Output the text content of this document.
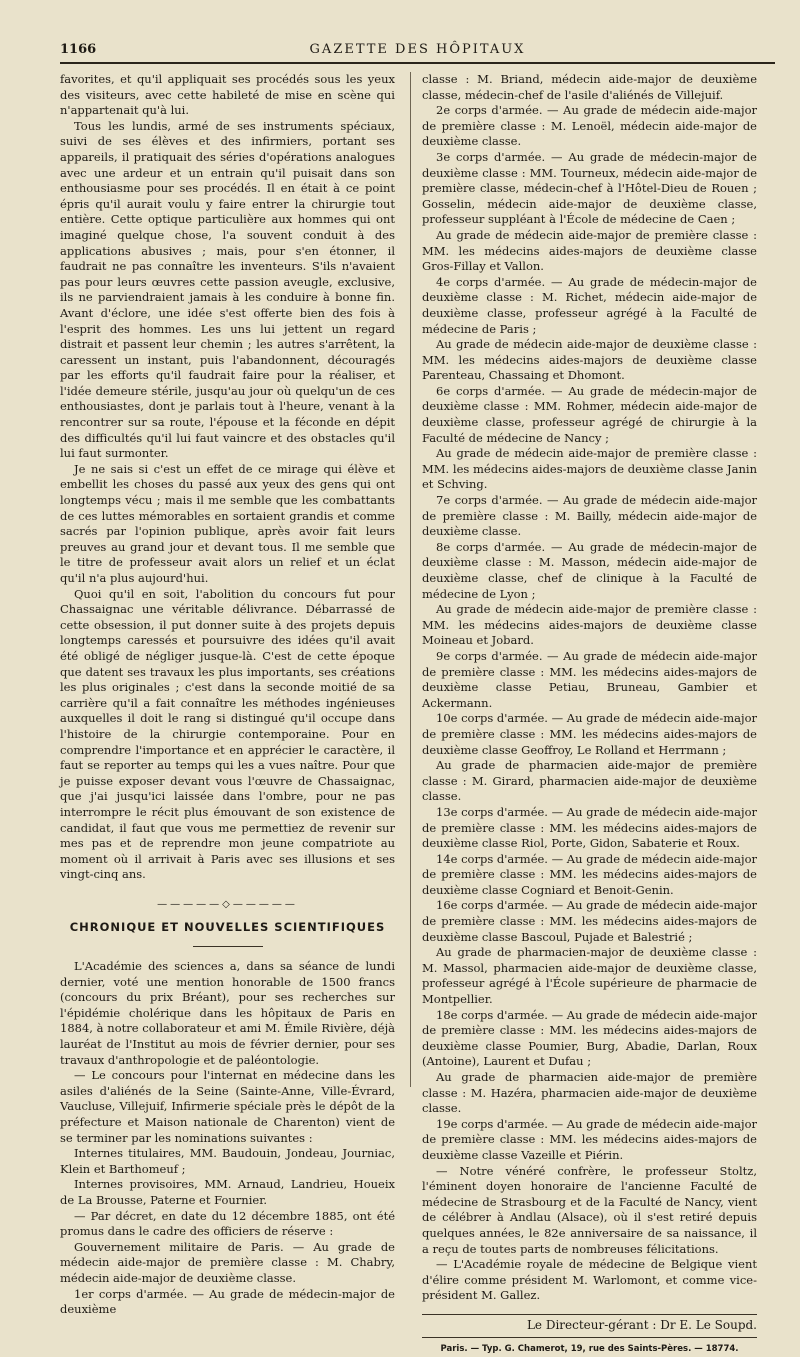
1166	GAZETTE DES HÔPITAUX

favorites, et qu'il appliquait ses procédés sous les yeux des visiteurs, avec cette habileté de mise en scène qui n'appartenait qu'à lui.

Tous les lundis, armé de ses instruments spéciaux, suivi de ses élèves et des infirmiers, portant ses appareils, il pratiquait des séries d'opérations analogues avec une ardeur et un entrain qu'il puisait dans son enthousiasme pour ses procédés. Il en était à ce point épris qu'il aurait voulu y faire entrer la chirurgie tout entière. Cette optique particulière aux hommes qui ont imaginé quelque chose, l'a souvent conduit à des applications abusives ; mais, pour s'en étonner, il faudrait ne pas connaître les inventeurs. S'ils n'avaient pas pour leurs œuvres cette passion aveugle, exclusive, ils ne parviendraient jamais à les conduire à bonne fin. Avant d'éclore, une idée s'est offerte bien des fois à l'esprit des hommes. Les uns lui jettent un regard distrait et passent leur chemin ; les autres s'arrêtent, la caressent un instant, puis l'abandonnent, découragés par les efforts qu'il faudrait faire pour la réaliser, et l'idée demeure stérile, jusqu'au jour où quelqu'un de ces enthousiastes, dont je parlais tout à l'heure, venant à la rencontrer sur sa route, l'épouse et la féconde en dépit des difficultés qu'il lui faut vaincre et des obstacles qu'il lui faut surmonter.

Je ne sais si c'est un effet de ce mirage qui élève et embellit les choses du passé aux yeux des gens qui ont longtemps vécu ; mais il me semble que les combattants de ces luttes mémorables en sortaient grandis et comme sacrés par l'opinion publique, après avoir fait leurs preuves au grand jour et devant tous. Il me semble que le titre de professeur avait alors un relief et un éclat qu'il n'a plus aujourd'hui.

Quoi qu'il en soit, l'abolition du concours fut pour Chassaignac une véritable délivrance. Débarrassé de cette obsession, il put donner suite à des projets depuis longtemps caressés et poursuivre des idées qu'il avait été obligé de négliger jusque-là. C'est de cette époque que datent ses travaux les plus importants, ses créations les plus originales ; c'est dans la seconde moitié de sa carrière qu'il a fait connaître les méthodes ingénieuses auxquelles il doit le rang si distingué qu'il occupe dans l'histoire de la chirurgie contemporaine. Pour en comprendre l'importance et en apprécier le caractère, il faut se reporter au temps qui les a vues naître. Pour que je puisse exposer devant vous l'œuvre de Chassaignac, que j'ai jusqu'ici laissée dans l'ombre, pour ne pas interrompre le récit plus émouvant de son existence de candidat, il faut que vous me permettiez de revenir sur mes pas et de reprendre mon jeune compatriote au moment où il arrivait à Paris avec ses illusions et ses vingt-cinq ans.

—————◇—————
CHRONIQUE ET NOUVELLES SCIENTIFIQUES

L'Académie des sciences a, dans sa séance de lundi dernier, voté une mention honorable de 1500 francs (concours du prix Bréant), pour ses recherches sur l'épidémie cholérique dans les hôpitaux de Paris en 1884, à notre collaborateur et ami M. Émile Rivière, déjà lauréat de l'Institut au mois de février dernier, pour ses travaux d'anthropologie et de paléontologie.

— Le concours pour l'internat en médecine dans les asiles d'aliénés de la Seine (Sainte-Anne, Ville-Évrard, Vaucluse, Villejuif, Infirmerie spéciale près le dépôt de la préfecture et Maison nationale de Charenton) vient de se terminer par les nominations suivantes :

Internes titulaires, MM. Baudouin, Jondeau, Journiac, Klein et Barthomeuf ;

Internes provisoires, MM. Arnaud, Landrieu, Houeix de La Brousse, Paterne et Fournier.

— Par décret, en date du 12 décembre 1885, ont été promus dans le cadre des officiers de réserve :

Gouvernement militaire de Paris. — Au grade de médecin aide-major de première classe : M. Chabry, médecin aide-major de deuxième classe.

1er corps d'armée. — Au grade de médecin-major de deuxième

classe : M. Briand, médecin aide-major de deuxième classe, médecin-chef de l'asile d'aliénés de Villejuif.

2e corps d'armée. — Au grade de médecin aide-major de première classe : M. Lenoël, médecin aide-major de deuxième classe.

3e corps d'armée. — Au grade de médecin-major de deuxième classe : MM. Tourneux, médecin aide-major de première classe, médecin-chef à l'Hôtel-Dieu de Rouen ; Gosselin, médecin aide-major de deuxième classe, professeur suppléant à l'École de médecine de Caen ;

Au grade de médecin aide-major de première classe : MM. les médecins aides-majors de deuxième classe Gros-Fillay et Vallon.

4e corps d'armée. — Au grade de médecin-major de deuxième classe : M. Richet, médecin aide-major de deuxième classe, professeur agrégé à la Faculté de médecine de Paris ;

Au grade de médecin aide-major de deuxième classe : MM. les médecins aides-majors de deuxième classe Parenteau, Chassaing et Dhomont.

6e corps d'armée. — Au grade de médecin-major de deuxième classe : MM. Rohmer, médecin aide-major de deuxième classe, professeur agrégé de chirurgie à la Faculté de médecine de Nancy ;

Au grade de médecin aide-major de première classe : MM. les médecins aides-majors de deuxième classe Janin et Schving.

7e corps d'armée. — Au grade de médecin aide-major de première classe : M. Bailly, médecin aide-major de deuxième classe.

8e corps d'armée. — Au grade de médecin-major de deuxième classe : M. Masson, médecin aide-major de deuxième classe, chef de clinique à la Faculté de médecine de Lyon ;

Au grade de médecin aide-major de première classe : MM. les médecins aides-majors de deuxième classe Moineau et Jobard.

9e corps d'armée. — Au grade de médecin aide-major de première classe : MM. les médecins aides-majors de deuxième classe Petiau, Bruneau, Gambier et Ackermann.

10e corps d'armée. — Au grade de médecin aide-major de première classe : MM. les médecins aides-majors de deuxième classe Geoffroy, Le Rolland et Herrmann ;

Au grade de pharmacien aide-major de première classe : M. Girard, pharmacien aide-major de deuxième classe.

13e corps d'armée. — Au grade de médecin aide-major de première classe : MM. les médecins aides-majors de deuxième classe Riol, Porte, Gidon, Sabaterie et Roux.

14e corps d'armée. — Au grade de médecin aide-major de première classe : MM. les médecins aides-majors de deuxième classe Cogniard et Benoit-Genin.

16e corps d'armée. — Au grade de médecin aide-major de première classe : MM. les médecins aides-majors de deuxième classe Bascoul, Pujade et Balestrié ;

Au grade de pharmacien-major de deuxième classe : M. Massol, pharmacien aide-major de deuxième classe, professeur agrégé à l'École supérieure de pharmacie de Montpellier.

18e corps d'armée. — Au grade de médecin aide-major de première classe : MM. les médecins aides-majors de deuxième classe Poumier, Burg, Abadie, Darlan, Roux (Antoine), Laurent et Dufau ;

Au grade de pharmacien aide-major de première classe : M. Hazéra, pharmacien aide-major de deuxième classe.

19e corps d'armée. — Au grade de médecin aide-major de première classe : MM. les médecins aides-majors de deuxième classe Vazeille et Piérin.

— Notre vénéré confrère, le professeur Stoltz, l'éminent doyen honoraire de l'ancienne Faculté de médecine de Strasbourg et de la Faculté de Nancy, vient de célébrer à Andlau (Alsace), où il s'est retiré depuis quelques années, le 82e anniversaire de sa naissance, il a reçu de toutes parts de nombreuses félicitations.

— L'Académie royale de médecine de Belgique vient d'élire comme président M. Warlomont, et comme vice-président M. Gallez.

Le Directeur-gérant : Dr E. Le Soupd.
Paris. — Typ. G. Chamerot, 19, rue des Saints-Pères. — 18774.
